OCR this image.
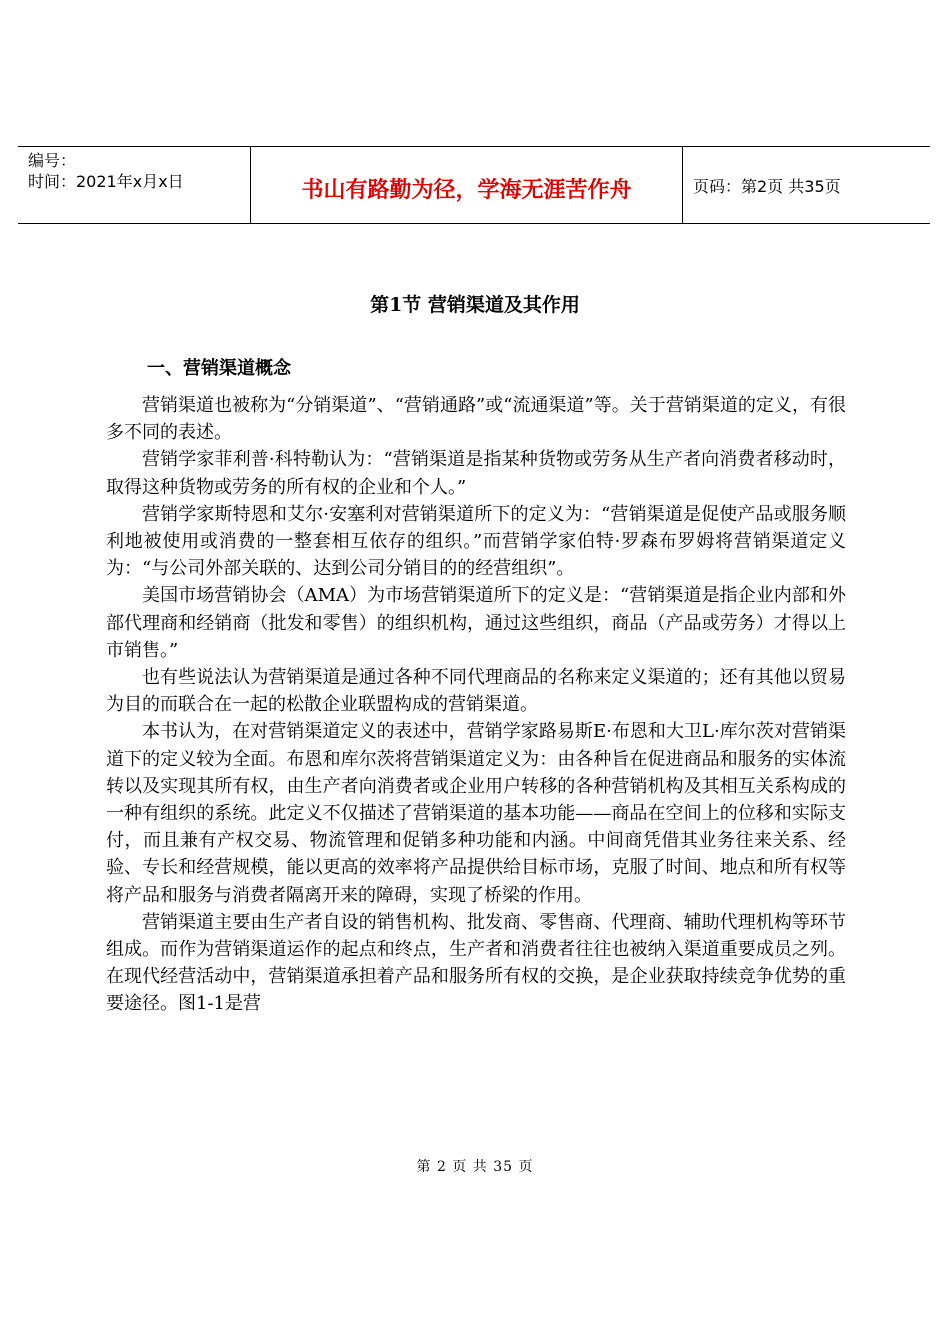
编号：
时间：2021年x月x日	书山有路勤为径，学海无涯苦作舟	页码：第2页 共35页
第1节 营销渠道及其作用
一、营销渠道概念

营销渠道也被称为“分销渠道”、“营销通路”或“流通渠道”等。关于营销渠道的定义，有很多不同的表述。

营销学家菲利普·科特勒认为：“营销渠道是指某种货物或劳务从生产者向消费者移动时，取得这种货物或劳务的所有权的企业和个人。”

营销学家斯特恩和艾尔·安塞利对营销渠道所下的定义为：“营销渠道是促使产品或服务顺利地被使用或消费的一整套相互依存的组织。”而营销学家伯特·罗森布罗姆将营销渠道定义为：“与公司外部关联的、达到公司分销目的的经营组织”。

美国市场营销协会（AMA）为市场营销渠道所下的定义是：“营销渠道是指企业内部和外部代理商和经销商（批发和零售）的组织机构，通过这些组织，商品（产品或劳务）才得以上市销售。”

也有些说法认为营销渠道是通过各种不同代理商品的名称来定义渠道的；还有其他以贸易为目的而联合在一起的松散企业联盟构成的营销渠道。

本书认为，在对营销渠道定义的表述中，营销学家路易斯E·布恩和大卫L·库尔茨对营销渠道下的定义较为全面。布恩和库尔茨将营销渠道定义为：由各种旨在促进商品和服务的实体流转以及实现其所有权，由生产者向消费者或企业用户转移的各种营销机构及其相互关系构成的一种有组织的系统。此定义不仅描述了营销渠道的基本功能——商品在空间上的位移和实际支付，而且兼有产权交易、物流管理和促销多种功能和内涵。中间商凭借其业务往来关系、经验、专长和经营规模，能以更高的效率将产品提供给目标市场，克服了时间、地点和所有权等将产品和服务与消费者隔离开来的障碍，实现了桥梁的作用。

营销渠道主要由生产者自设的销售机构、批发商、零售商、代理商、辅助代理机构等环节组成。而作为营销渠道运作的起点和终点，生产者和消费者往往也被纳入渠道重要成员之列。在现代经营活动中，营销渠道承担着产品和服务所有权的交换，是企业获取持续竞争优势的重要途径。图1-1是营

第 2 页 共 35 页
